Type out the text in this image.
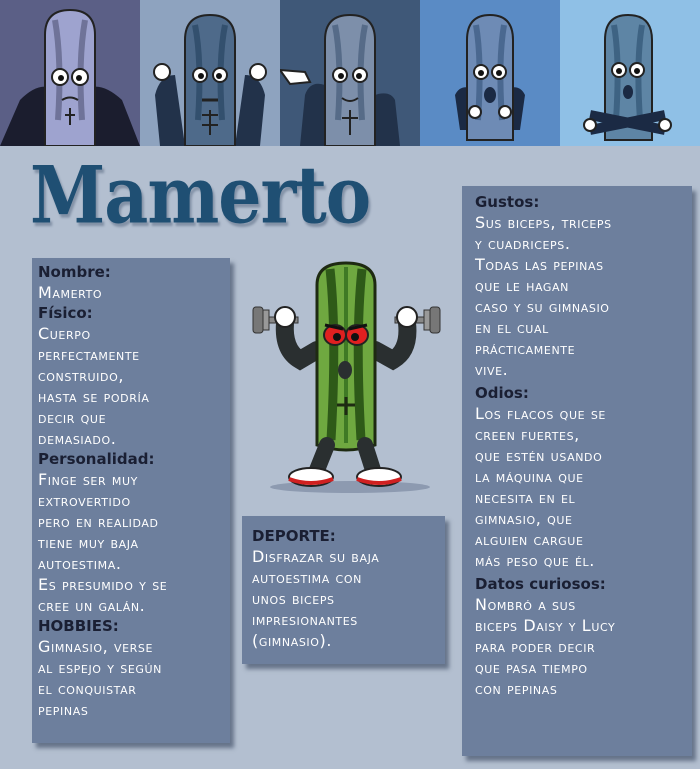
Mamerto
Nombre:
Mamerto
Físico:
Cuerpo
perfectamente
construido,
hasta se podría
decir que
demasiado.
Personalidad:
Finge ser muy
extrovertido
pero en realidad
tiene muy baja
autoestima.
Es presumido y se
cree un galán.
HOBBIES:
Gimnasio, verse
al espejo y según
el conquistar
pepinas
DEPORTE:
Disfrazar su baja
autoestima con
unos biceps
impresionantes
(gimnasio).
Gustos:
Sus biceps, triceps
y cuadriceps.
Todas las pepinas
que le hagan
caso y su gimnasio
en el cual
prácticamente
vive.
Odios:
Los flacos que se
creen fuertes,
que estén usando
la máquina que
necesita en el
gimnasio, que
alguien cargue
más peso que él.
Datos curiosos:
Nombró a sus
biceps Daisy y Lucy
para poder decir
que pasa tiempo
con pepinas
